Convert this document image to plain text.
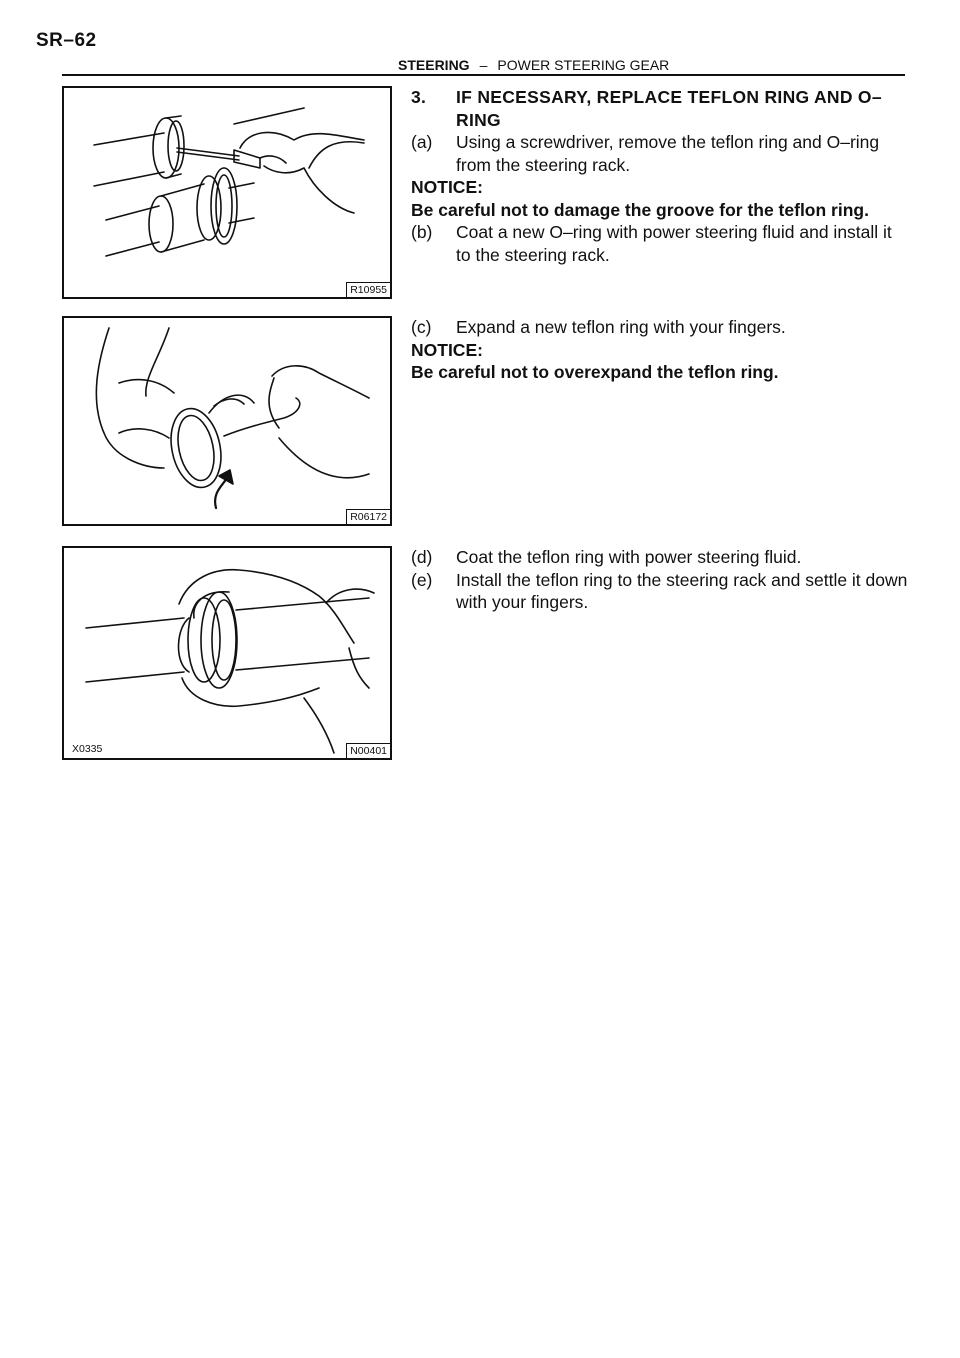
SR–62
STEERING – POWER STEERING GEAR
R10955
R06172
X0335	N00401
3.	IF NECESSARY, REPLACE TEFLON RING AND O–
RING
(a)	Using a screwdriver, remove the teflon ring and O–ring
from the steering rack.
NOTICE:
Be careful not to damage the groove for the teflon ring.
(b)	Coat a new O–ring with power steering fluid and install it
to the steering rack.
(c)	Expand a new teflon ring with your fingers.
NOTICE:
Be careful not to overexpand the teflon ring.
(d)	Coat the teflon ring with power steering fluid.
(e)	Install the teflon ring to the steering rack and settle it down
with your fingers.
